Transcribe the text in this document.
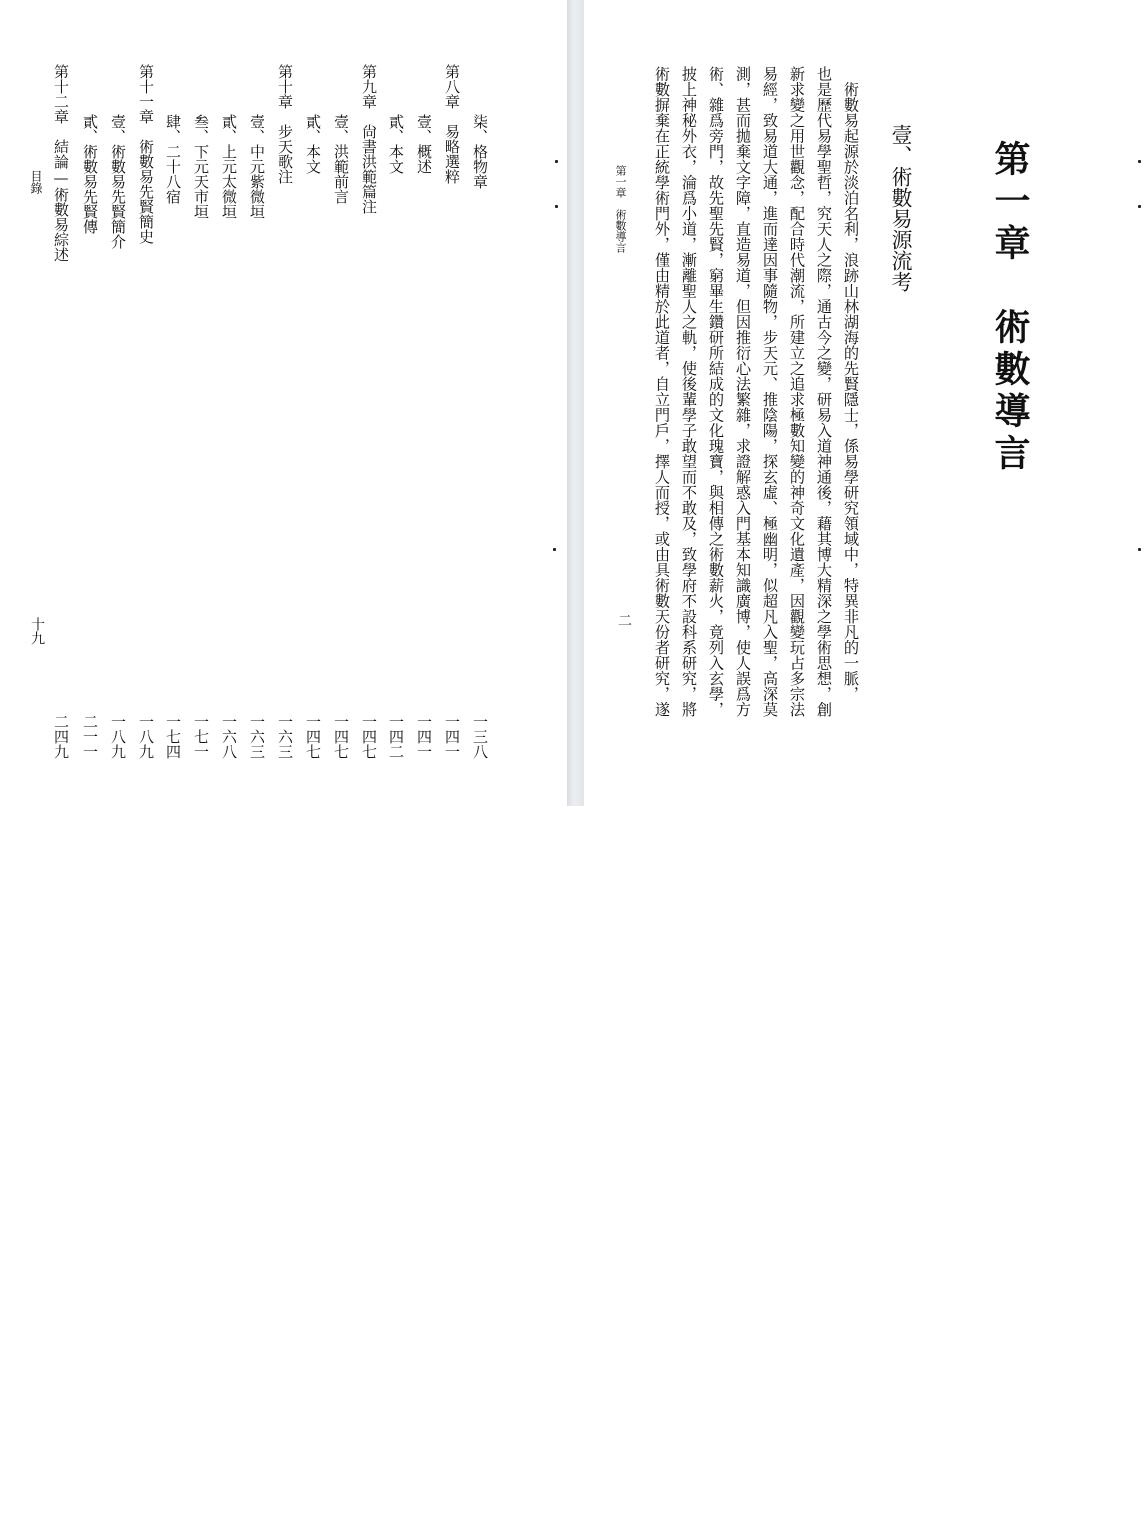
柒、格物章
一三八
第八章　易略選粹
一四一
壹、概述
一四一
貳、本文
一四二
第九章　尙書洪範篇注
一四七
壹、洪範前言
一四七
貳、本文
一四七
第十章　步天歌注
一六三
壹、中元紫微垣
一六三
貳、上元太微垣
一六八
叁、下元天市垣
一七一
肆、二十八宿
一七四
第十一章　術數易先賢簡史
一八九
壹、術數易先賢簡介
一八九
貳、術數易先賢傳
二一一
第十二章　結論—術數易綜述
二四九
目錄
十九
第一章　術數導言
壹、術數易源流考
　術數易起源於淡泊名利，浪跡山林湖海的先賢隱士，係易學研究領域中，特異非凡的一脈，
也是歷代易學聖哲，究天人之際，通古今之變，研易入道神通後，藉其博大精深之學術思想，創
新求變之用世觀念，配合時代潮流，所建立之追求極數知變的神奇文化遺產，因觀變玩占多宗法
易經，致易道大通，進而達因事隨物，步天元、推陰陽，探玄虛、極幽明，似超凡入聖，高深莫
測，甚而拋棄文字障，直造易道，但因推衍心法繁雜，求證解惑入門基本知識廣博，使人誤爲方
術、雜爲旁門，故先聖先賢，窮畢生鑽研所結成的文化瑰寶，與相傳之術數薪火，竟列入玄學，
披上神秘外衣，淪爲小道，漸離聖人之軌，使後輩學子敢望而不敢及，致學府不設科系研究，將
術數摒棄在正統學術門外，僅由精於此道者，自立門戶，擇人而授，或由具術數天份者研究，遂
第一章　術數導言
二
